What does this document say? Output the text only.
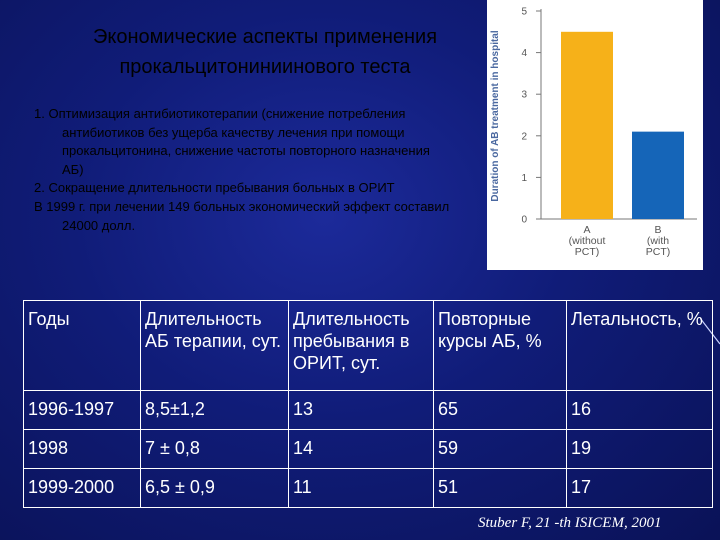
Экономические аспекты применения
прокальцитониниинового теста
1. Оптимизация антибиотикотерапии (снижение потребления антибиотиков без ущерба качеству лечения при помощи прокальцитонина, снижение частоты повторного назначения АБ)
2. Сокращение длительности пребывания больных в ОРИТ
В 1999 г. при лечении 149 больных экономический эффект составил 24000 долл.
Duration of AB treatment in hospital
0
1
2
3
4
5
A
(without
PCT)
B
(with
PCT)
Годы	Длительность АБ терапии, сут.	Длительность пребывания в ОРИТ, сут.	Повторные курсы АБ, %	Летальность, %
1996-1997	8,5±1,2	13	65	16
1998	7 ± 0,8	14	59	19
1999-2000	6,5 ± 0,9	11	51	17
Stuber F, 21 -th ISICEM, 2001
